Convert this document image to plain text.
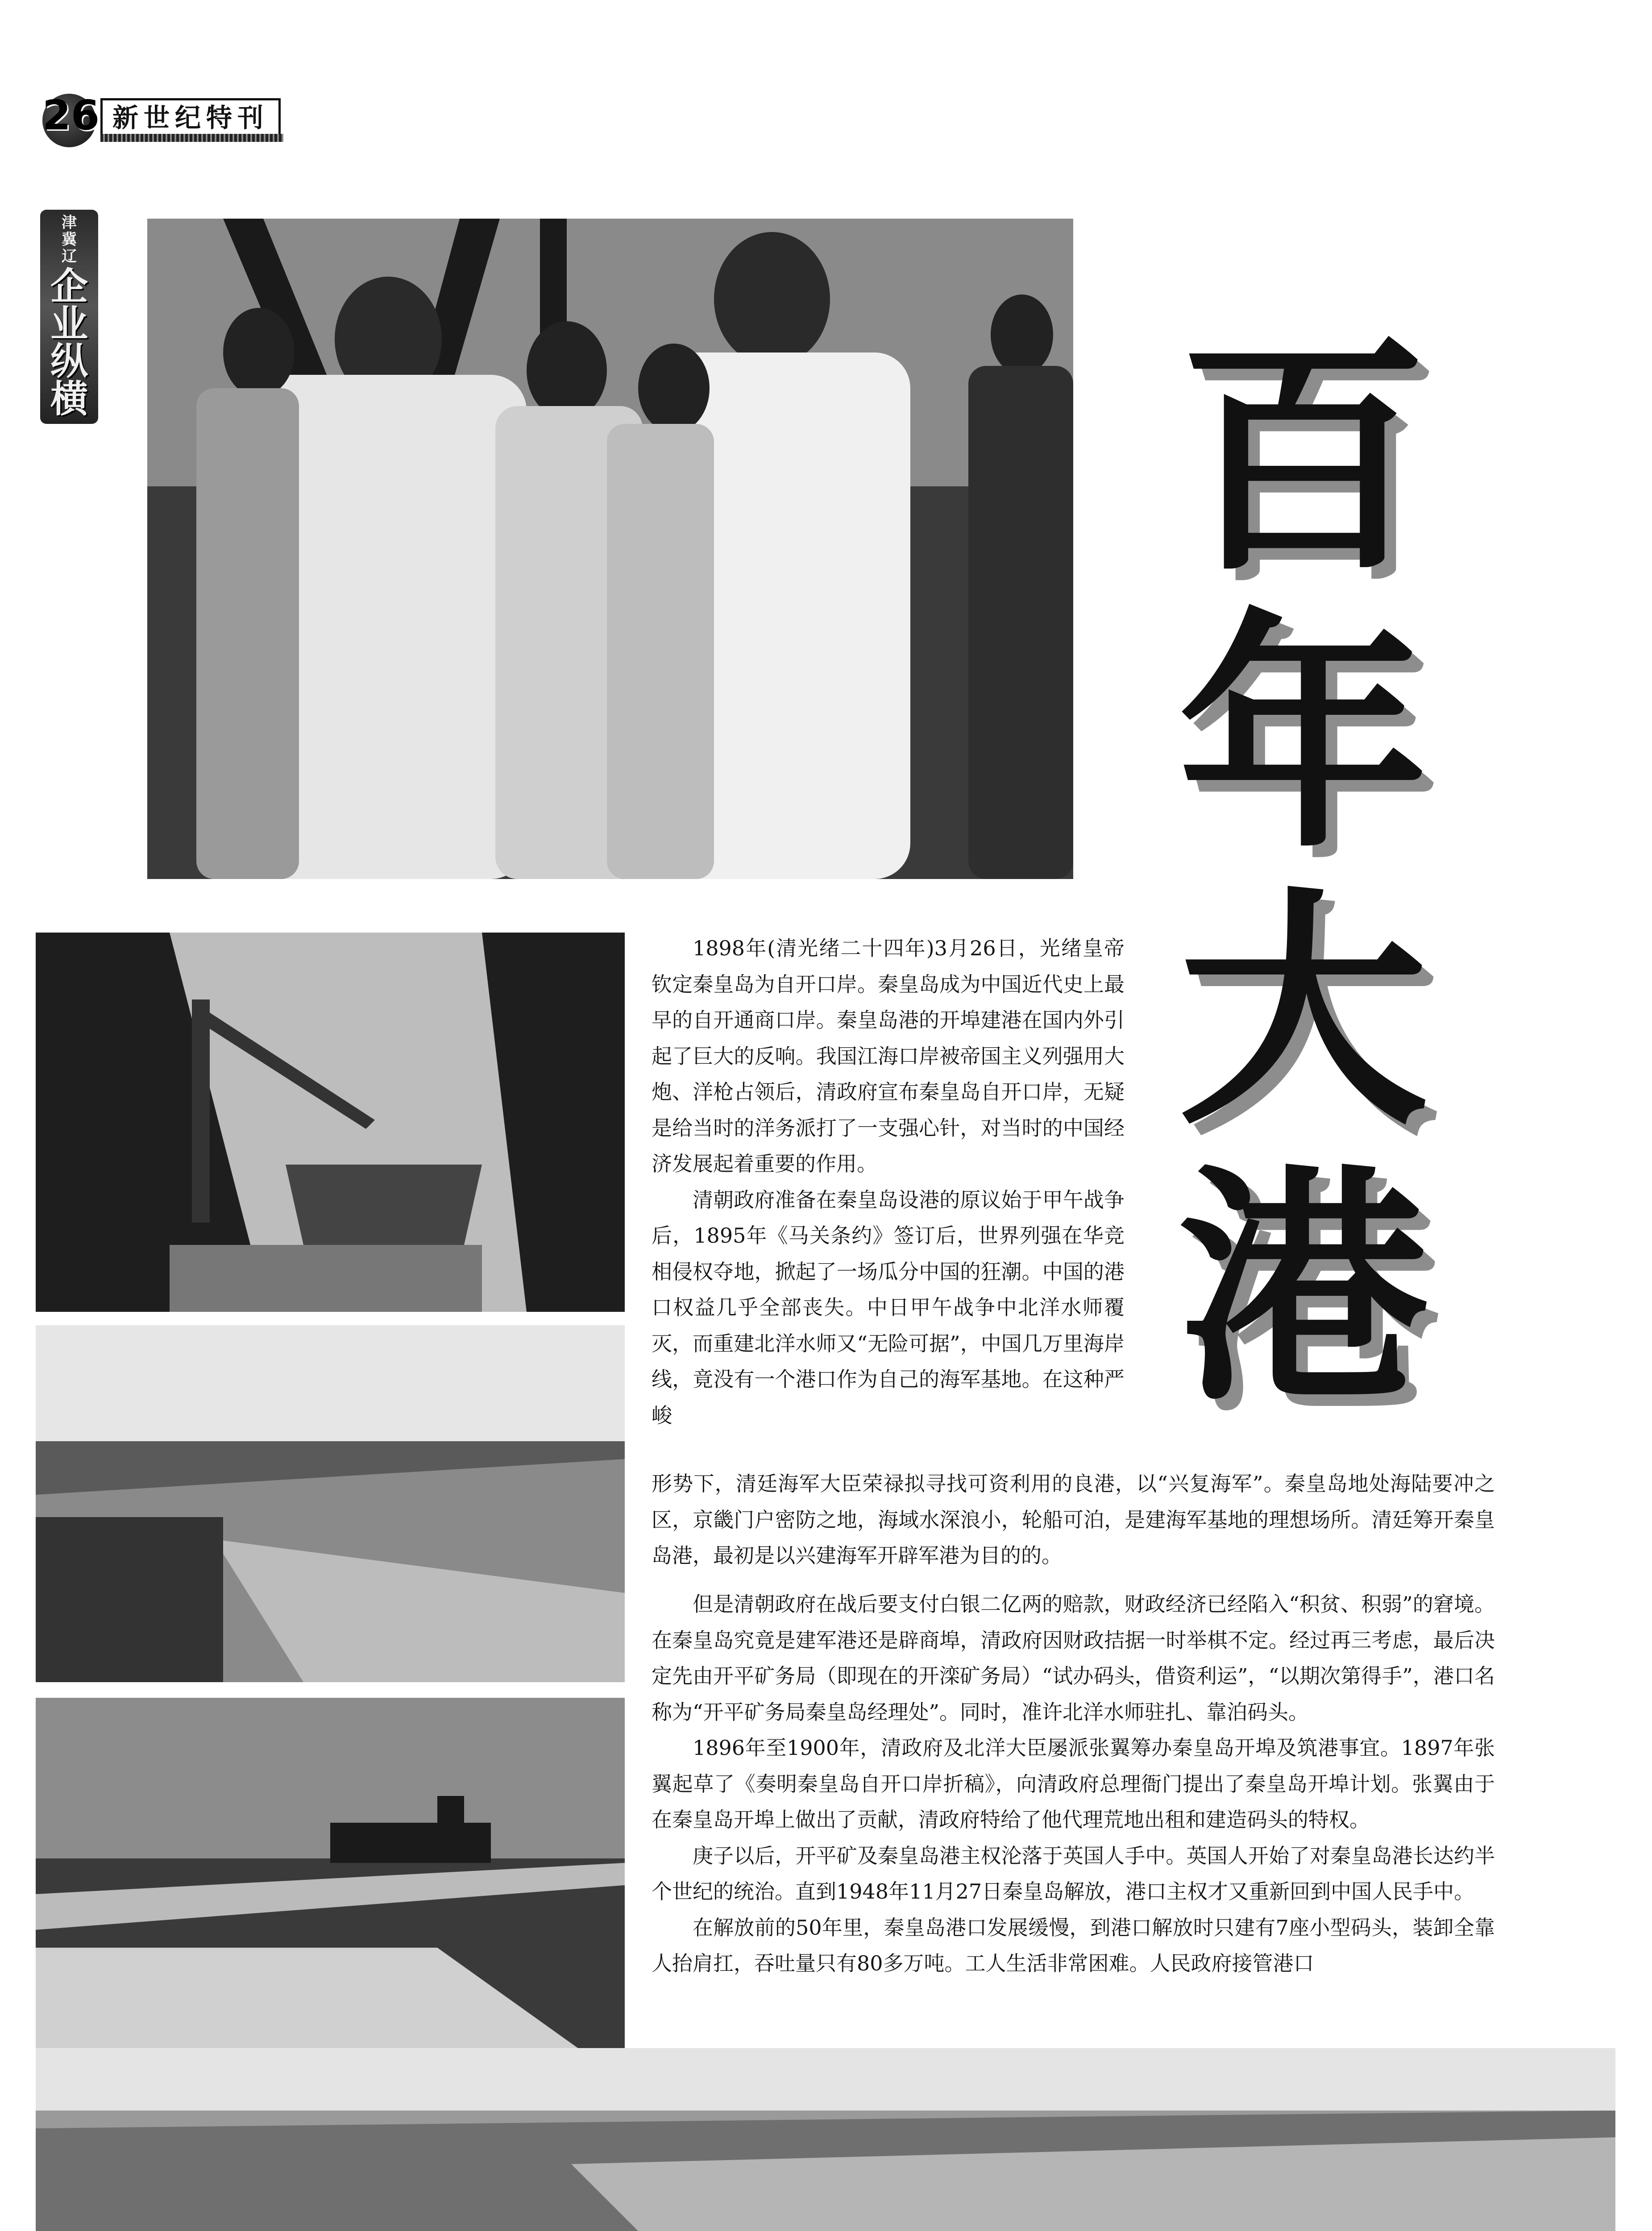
26 新世纪特刊
津
冀
辽
企
业
纵
横	百
年
大
港

1898年(清光绪二十四年)3月26日，光绪皇帝钦定秦皇岛为自开口岸。秦皇岛成为中国近代史上最早的自开通商口岸。秦皇岛港的开埠建港在国内外引起了巨大的反响。我国江海口岸被帝国主义列强用大炮、洋枪占领后，清政府宣布秦皇岛自开口岸，无疑是给当时的洋务派打了一支强心针，对当时的中国经济发展起着重要的作用。

清朝政府准备在秦皇岛设港的原议始于甲午战争后，1895年《马关条约》签订后，世界列强在华竞相侵权夺地，掀起了一场瓜分中国的狂潮。中国的港口权益几乎全部丧失。中日甲午战争中北洋水师覆灭，而重建北洋水师又“无险可据”，中国几万里海岸线，竟没有一个港口作为自己的海军基地。在这种严峻

形势下，清廷海军大臣荣禄拟寻找可资利用的良港，以“兴复海军”。秦皇岛地处海陆要冲之区，京畿门户密防之地，海域水深浪小，轮船可泊，是建海军基地的理想场所。清廷筹开秦皇岛港，最初是以兴建海军开辟军港为目的的。

但是清朝政府在战后要支付白银二亿两的赔款，财政经济已经陷入“积贫、积弱”的窘境。在秦皇岛究竟是建军港还是辟商埠，清政府因财政拮据一时举棋不定。经过再三考虑，最后决定先由开平矿务局（即现在的开滦矿务局）“试办码头，借资利运”，“以期次第得手”，港口名称为“开平矿务局秦皇岛经理处”。同时，准许北洋水师驻扎、靠泊码头。

1896年至1900年，清政府及北洋大臣屡派张翼筹办秦皇岛开埠及筑港事宜。1897年张翼起草了《奏明秦皇岛自开口岸折稿》，向清政府总理衙门提出了秦皇岛开埠计划。张翼由于在秦皇岛开埠上做出了贡献，清政府特给了他代理荒地出租和建造码头的特权。

庚子以后，开平矿及秦皇岛港主权沦落于英国人手中。英国人开始了对秦皇岛港长达约半个世纪的统治。直到1948年11月27日秦皇岛解放，港口主权才又重新回到中国人民手中。

在解放前的50年里，秦皇岛港口发展缓慢，到港口解放时只建有7座小型码头，装卸全靠人抬肩扛，吞吐量只有80多万吨。工人生活非常困难。人民政府接管港口
